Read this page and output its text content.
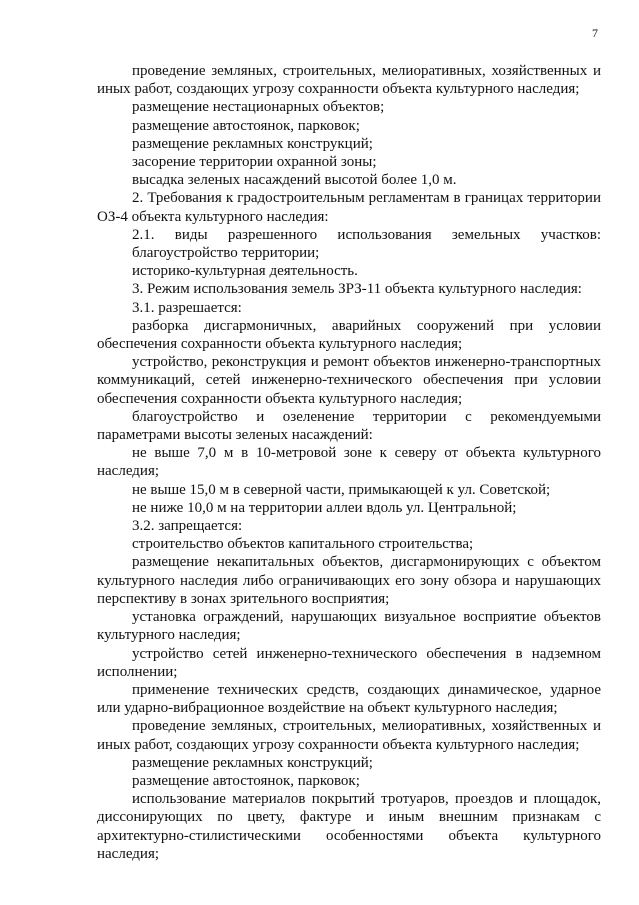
7

проведение земляных, строительных, мелиоративных, хозяйственных и иных работ, создающих угрозу сохранности объекта культурного наследия;

размещение нестационарных объектов;

размещение автостоянок, парковок;

размещение рекламных конструкций;

засорение территории охранной зоны;

высадка зеленых насаждений высотой более 1,0 м.

2. Требования к градостроительным регламентам в границах территории ОЗ-4 объекта культурного наследия:

2.1. виды разрешенного использования земельных участков:

благоустройство территории;

историко-культурная деятельность.

3. Режим использования земель ЗРЗ-11 объекта культурного наследия:

3.1. разрешается:

разборка дисгармоничных, аварийных сооружений при условии обеспечения сохранности объекта культурного наследия;

устройство, реконструкция и ремонт объектов инженерно-транспортных коммуникаций, сетей инженерно-технического обеспечения при условии обеспечения сохранности объекта культурного наследия;

благоустройство и озеленение территории с рекомендуемыми параметрами высоты зеленых насаждений:

не выше 7,0 м в 10-метровой зоне к северу от объекта культурного наследия;

не выше 15,0 м в северной части, примыкающей к ул. Советской;

не ниже 10,0 м на территории аллеи вдоль ул. Центральной;

3.2. запрещается:

строительство объектов капитального строительства;

размещение некапитальных объектов, дисгармонирующих с объектом культурного наследия либо ограничивающих его зону обзора и нарушающих перспективу в зонах зрительного восприятия;

установка ограждений, нарушающих визуальное восприятие объектов культурного наследия;

устройство сетей инженерно-технического обеспечения в надземном исполнении;

применение технических средств, создающих динамическое, ударное или ударно-вибрационное воздействие на объект культурного наследия;

проведение земляных, строительных, мелиоративных, хозяйственных и иных работ, создающих угрозу сохранности объекта культурного наследия;

размещение рекламных конструкций;

размещение автостоянок, парковок;

использование материалов покрытий тротуаров, проездов и площадок, диссонирующих по цвету, фактуре и иным внешним признакам с архитектурно-стилистическими особенностями объекта культурного наследия;
